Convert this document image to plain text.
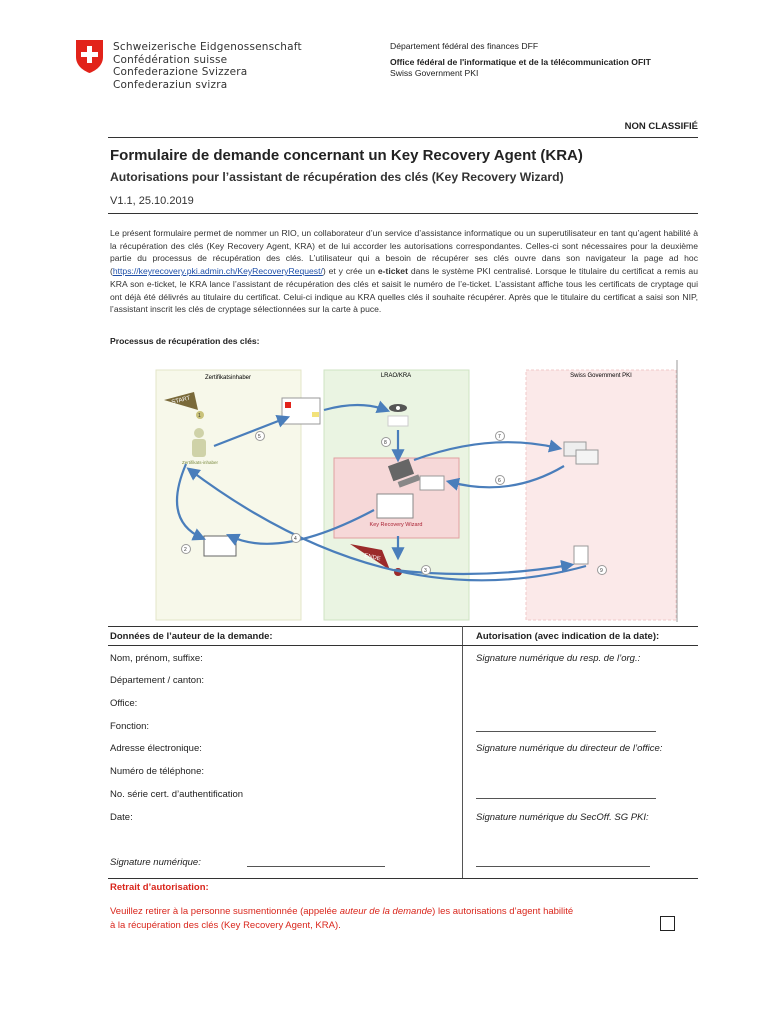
Schweizerische Eidgenossenschaft
Confédération suisse
Confederazione Svizzera
Confederaziun svizra
Département fédéral des finances DFF
Office fédéral de l'informatique et de la télécommunication OFIT
Swiss Government PKI
NON CLASSIFIÉ
Formulaire de demande concernant un Key Recovery Agent (KRA)
Autorisations pour l’assistant de récupération des clés (Key Recovery Wizard)
V1.1, 25.10.2019
Le présent formulaire permet de nommer un RIO, un collaborateur d’un service d’assistance informatique ou un superutilisateur en tant qu’agent habilité à la récupération des clés (Key Recovery Agent, KRA) et de lui accorder les autorisations correspondantes. Celles-ci sont nécessaires pour la deuxième partie du processus de récupération des clés. L’utilisateur qui a besoin de récupérer ses clés ouvre dans son navigateur la page ad hoc (https://keyrecovery.pki.admin.ch/KeyRecoveryRequest/) et y crée un e-ticket dans le système PKI centralisé. Lorsque le titulaire du certificat a remis au KRA son e-ticket, le KRA lance l’assistant de récupération des clés et saisit le numéro de l’e-ticket. L’assistant affiche tous les certificats de cryptage qui ont déjà été délivrés au titulaire du certificat. Celui-ci indique au KRA quelles clés il souhaite récupérer. Après que le titulaire du certificat a saisi son NIP, l’assistant inscrit les clés de cryptage sélectionnées sur la carte à puce.
Processus de récupération des clés:
Zertifikatsinhaber	LRAO/KRA	Swiss Government PKI
START
1
Zertifikats-inhaber
Key Recovery Wizard
ENDE
5
2
8
7
6
4
9
3
Données de l’auteur de la demande:	Autorisation (avec indication de la date):
Nom, prénom, suffixe:
Département / canton:
Office:
Fonction:
Adresse électronique:
Numéro de téléphone:
No. série cert. d’authentification
Date:
Signature numérique:
Signature numérique du resp. de l’org.:
Signature numérique du directeur de l’office:
Signature numérique du SecOff. SG PKI:
Retrait d’autorisation:
Veuillez retirer à la personne susmentionnée (appelée auteur de la demande) les autorisations d’agent habilité à la récupération des clés (Key Recovery Agent, KRA).
